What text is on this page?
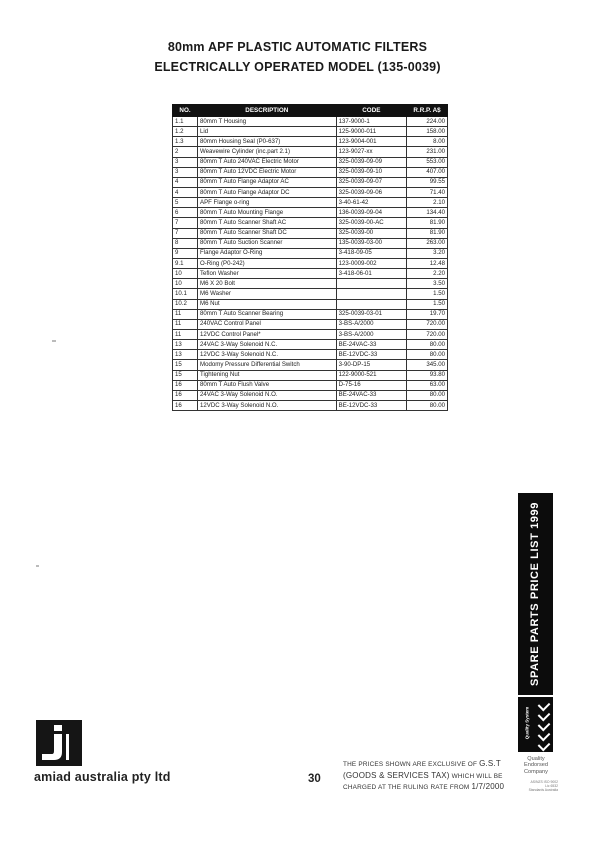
80mm APF PLASTIC AUTOMATIC FILTERS
ELECTRICALLY OPERATED MODEL (135-0039)
NO.	DESCRIPTION	CODE	R.R.P. A$
1.1	80mm T Housing	137-9000-1	224.00
1.2	Lid	125-9000-011	158.00
1.3	80mm Housing Seal (P0-637)	123-9004-001	8.00
2	Weavewire Cylinder (inc.part 2.1)	123-9027-xx	231.00
3	80mm T Auto 240VAC Electric Motor	325-0039-09-09	553.00
3	80mm T Auto 12VDC Electric Motor	325-0039-09-10	407.00
4	80mm T Auto Flange Adaptor AC	325-0039-09-07	99.55
4	80mm T Auto Flange Adaptor DC	325-0039-09-06	71.40
5	APF Flange o-ring	3-40-61-42	2.10
6	80mm T Auto Mounting Flange	136-0039-09-04	134.40
7	80mm T Auto Scanner Shaft AC	325-0039-00-AC	81.90
7	80mm T Auto Scanner Shaft DC	325-0039-00	81.90
8	80mm T Auto Suction Scanner	135-0039-03-00	263.00
9	Flange Adaptor O-Ring	3-418-09-05	3.20
9.1	O-Ring (P0-242)	123-0009-002	12.48
10	Teflon Washer	3-418-06-01	2.20
10	M6 X 20 Bolt		3.50
10.1	M6 Washer		1.50
10.2	M6 Nut		1.50
11	80mm T Auto Scanner Bearing	325-0039-03-01	19.70
11	240VAC Control Panel	3-BS-A/2000	720.00
11	12VDC Control Panel*	3-BS-A/2000	720.00
13	24VAC 3-Way Solenoid N.C.	BE-24VAC-33	80.00
13	12VDC 3-Way Solenoid N.C.	BE-12VDC-33	80.00
15	Modomy Pressure Differential Switch	3-90-DP-15	345.00
15	Tightening Nut	122-9000-521	93.80
16	80mm T Auto Flush Valve	D-75-16	63.00
16	24VAC 3-Way Solenoid N.O.	BE-24VAC-33	80.00
16	12VDC 3-Way Solenoid N.O.	BE-12VDC-33	80.00
SPARE PARTS PRICE LIST 1999
Quality System
Quality
Endorsed
Company
AS/NZS ISO 9002
Lic 6532
Standards Australia
amiad australia pty ltd	30
THE PRICES SHOWN ARE EXCLUSIVE OF G.S.T
(GOODS & SERVICES TAX) WHICH WILL BE
CHARGED AT THE RULING RATE FROM 1/7/2000
